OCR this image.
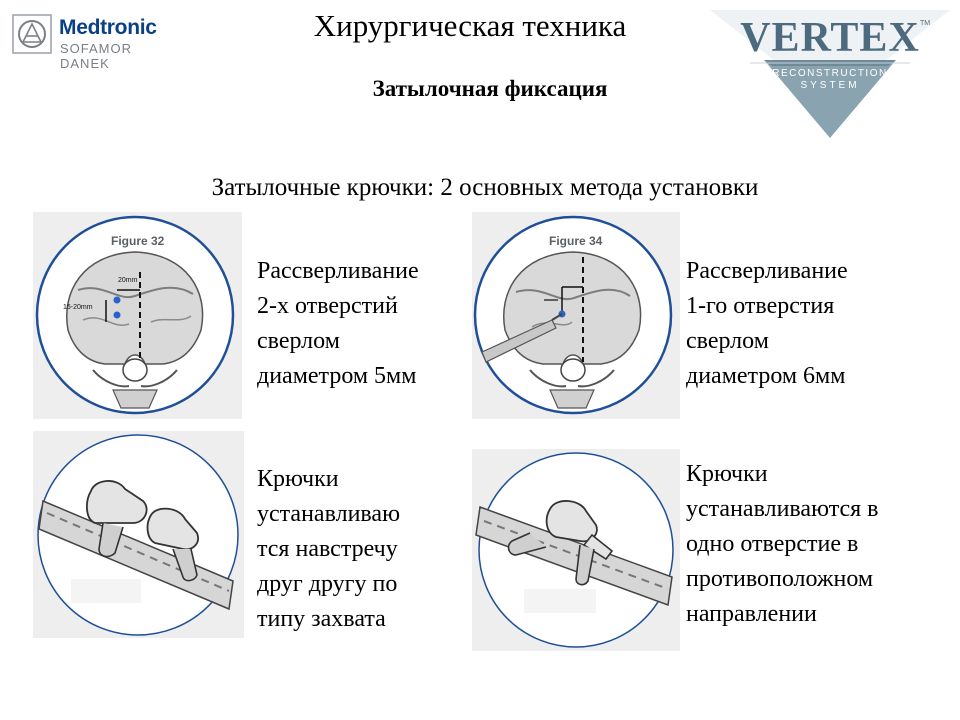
Medtronic
SOFAMOR DANEK
Хирургическая техника
Затылочная фиксация
VERTEX TM
RECONSTRUCTION
SYSTEM
Затылочные крючки: 2 основных метода установки
Figure 32
20mm
15-20mm
Figure 34
Рассверливание
2-х отверстий
сверлом
диаметром 5мм
Рассверливание
1-го отверстия
сверлом
диаметром 6мм
Крючки
устанавливаю
тся навстречу
друг другу по
типу захвата
Крючки
устанавливаются в
одно отверстие в
противоположном
направлении
